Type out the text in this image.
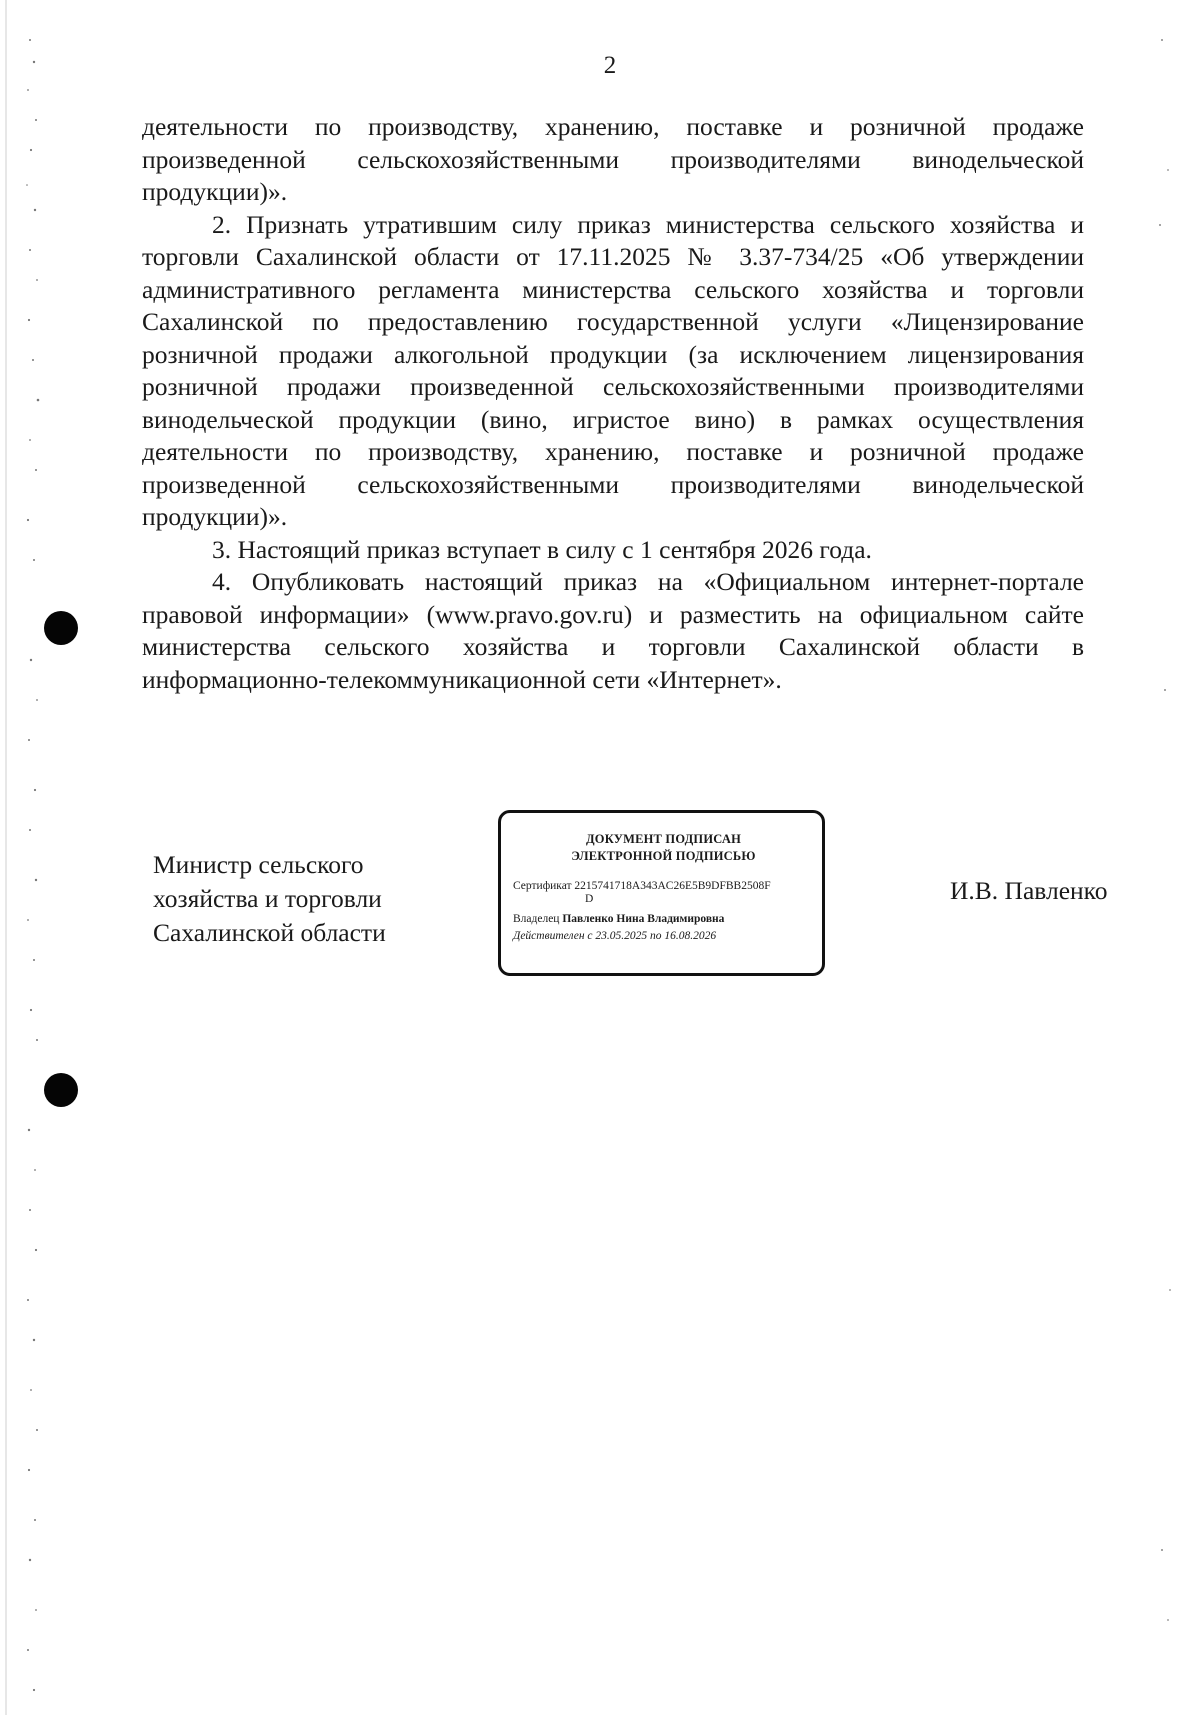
2

деятельности по производству, хранению, поставке и розничной продаже произведенной сельскохозяйственными производителями винодельческой продукции)».

2. Признать утратившим силу приказ министерства сельского хозяйства и торговли Сахалинской области от 17.11.2025 № 3.37-734/25 «Об утверждении административного регламента министерства сельского хозяйства и торговли Сахалинской по предоставлению государственной услуги «Лицензирование розничной продажи алкогольной продукции (за исключением лицензирования розничной продажи произведенной сельскохозяйственными производителями винодельческой продукции (вино, игристое вино) в рамках осуществления деятельности по производству, хранению, поставке и розничной продаже произведенной сельскохозяйственными производителями винодельческой продукции)».

3. Настоящий приказ вступает в силу с 1 сентября 2026 года.

4. Опубликовать настоящий приказ на «Официальном интернет-портале правовой информации» (www.pravo.gov.ru) и разместить на официальном сайте министерства сельского хозяйства и торговли Сахалинской области в информационно-телекоммуникационной сети «Интернет».

Министр сельского
хозяйства и торговли
Сахалинской области
ДОКУМЕНТ ПОДПИСАН
ЭЛЕКТРОННОЙ ПОДПИСЬЮ
Сертификат 2215741718A343AC26E5B9DFBB2508F
D
Владелец Павленко Нина Владимировна
Действителен с 23.05.2025 по 16.08.2026
И.В. Павленко
